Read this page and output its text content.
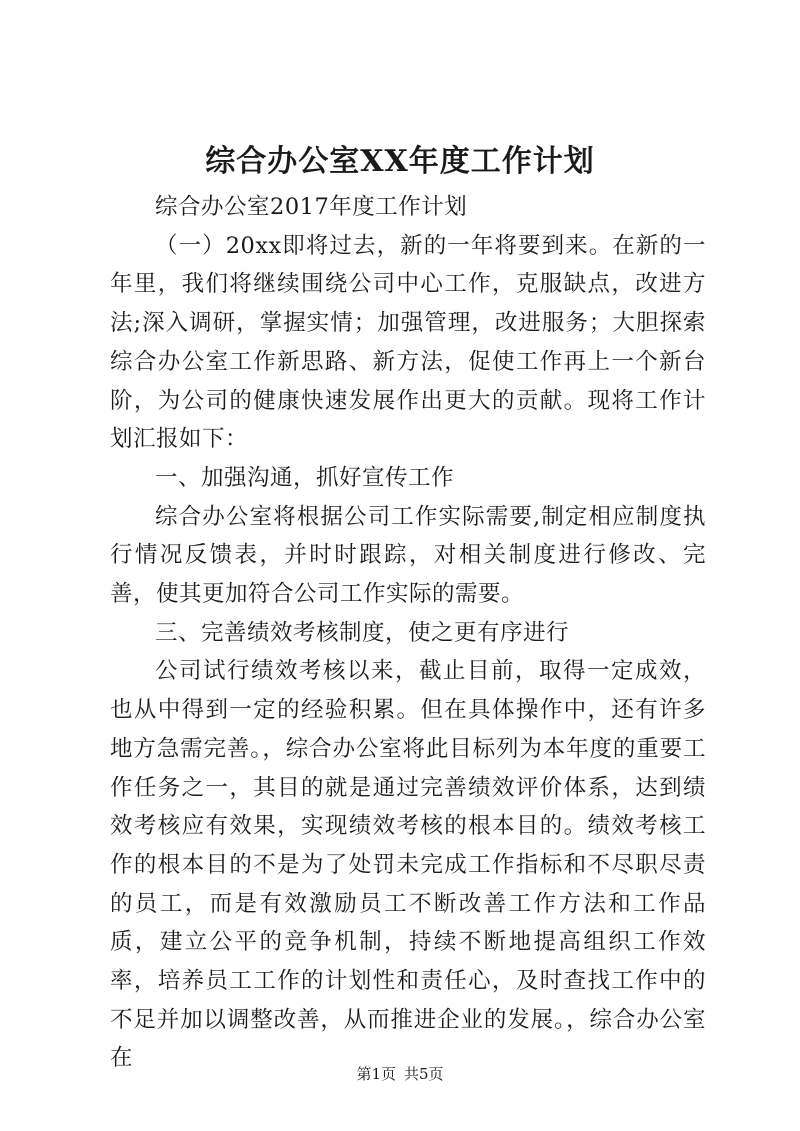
综合办公室XX年度工作计划

综合办公室2017年度工作计划

（一）20xx即将过去，新的一年将要到来。在新的一年里，我们将继续围绕公司中心工作，克服缺点，改进方法;深入调研，掌握实情；加强管理，改进服务；大胆探索综合办公室工作新思路、新方法，促使工作再上一个新台阶，为公司的健康快速发展作出更大的贡献。现将工作计划汇报如下：

一、加强沟通，抓好宣传工作

综合办公室将根据公司工作实际需要,制定相应制度执行情况反馈表，并时时跟踪，对相关制度进行修改、完善，使其更加符合公司工作实际的需要。

三、完善绩效考核制度，使之更有序进行

公司试行绩效考核以来，截止目前，取得一定成效，也从中得到一定的经验积累。但在具体操作中，还有许多地方急需完善。，综合办公室将此目标列为本年度的重要工作任务之一，其目的就是通过完善绩效评价体系，达到绩效考核应有效果，实现绩效考核的根本目的。绩效考核工作的根本目的不是为了处罚未完成工作指标和不尽职尽责的员工，而是有效激励员工不断改善工作方法和工作品质，建立公平的竞争机制，持续不断地提高组织工作效率，培养员工工作的计划性和责任心，及时查找工作中的不足并加以调整改善，从而推进企业的发展。，综合办公室在

第1页 共5页
